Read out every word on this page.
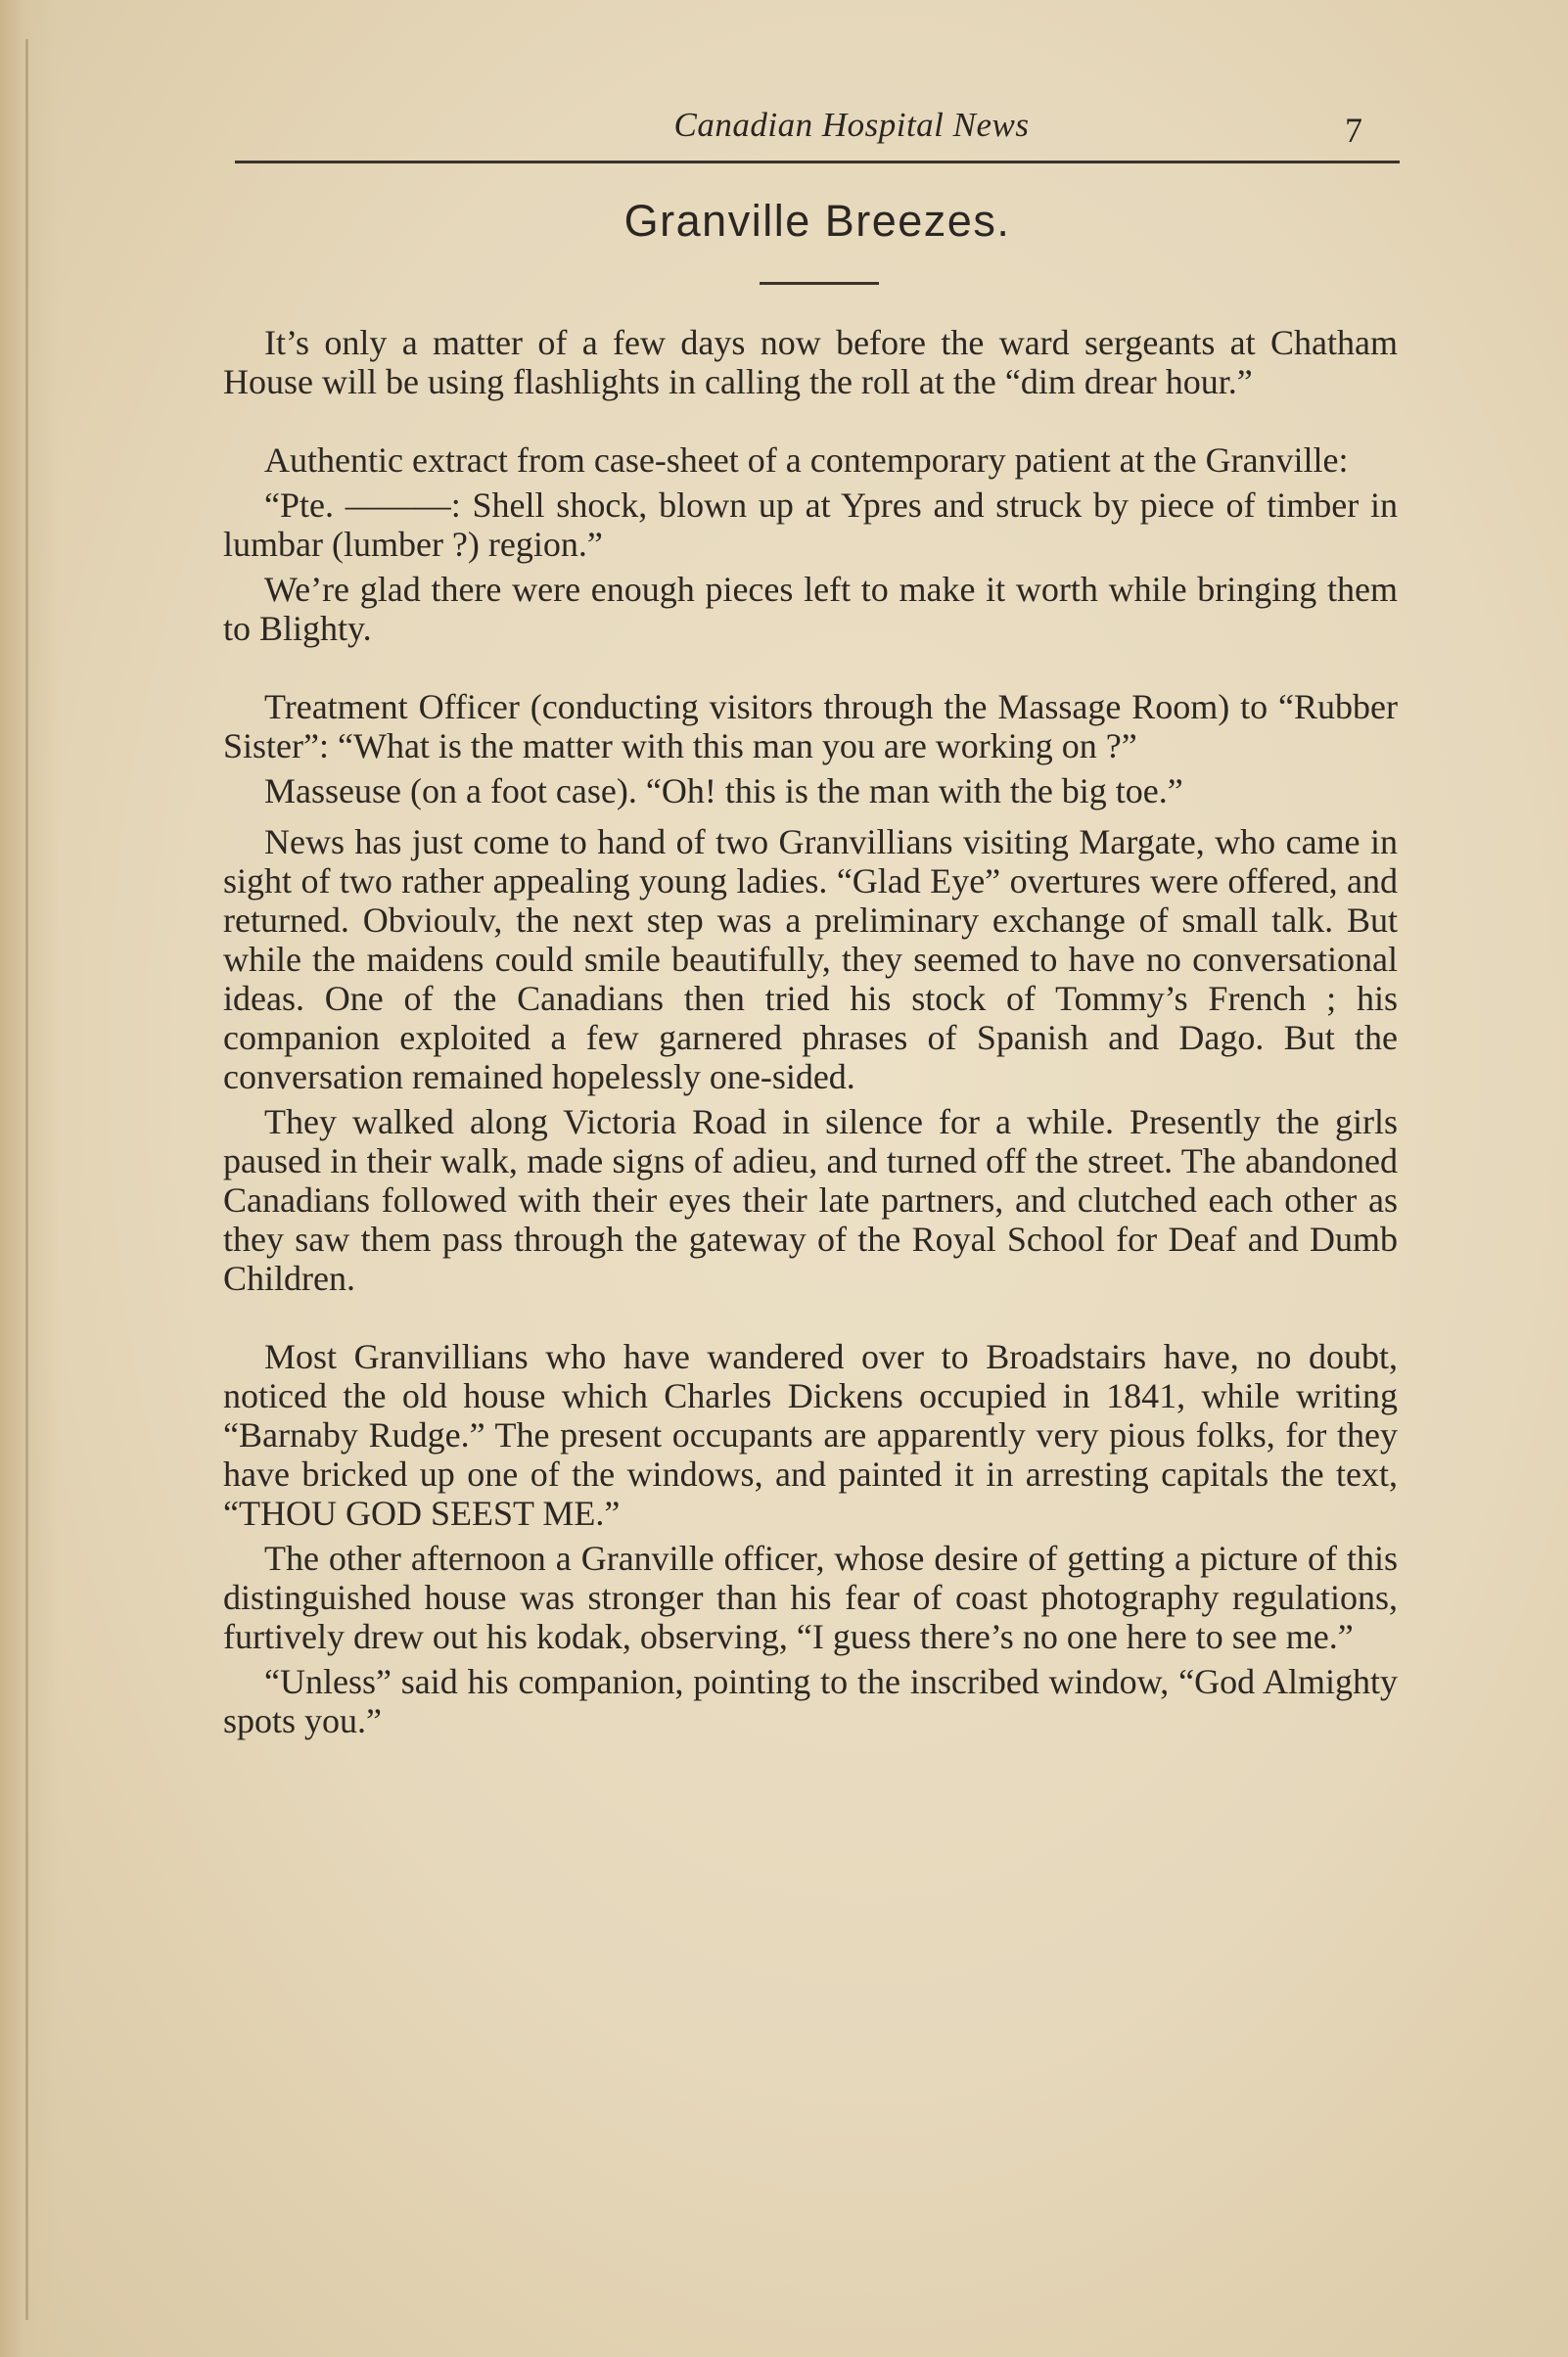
Canadian Hospital News	7
Granville Breezes.

It’s only a matter of a few days now before the ward sergeants at Chatham House will be using flashlights in calling the roll at the “dim drear hour.”

Authentic extract from case-sheet of a contemporary patient at the Granville:

“Pte. ———: Shell shock, blown up at Ypres and struck by piece of timber in lumbar (lumber ?) region.”

We’re glad there were enough pieces left to make it worth while bringing them to Blighty.

Treatment Officer (conducting visitors through the Massage Room) to “Rubber Sister”: “What is the matter with this man you are working on ?”

Masseuse (on a foot case). “Oh! this is the man with the big toe.”

News has just come to hand of two Granvillians visiting Margate, who came in sight of two rather appealing young ladies. “Glad Eye” overtures were offered, and returned. Obvioulv, the next step was a preliminary exchange of small talk. But while the maidens could smile beautifully, they seemed to have no conversational ideas. One of the Canadians then tried his stock of Tommy’s French ; his companion exploited a few garnered phrases of Spanish and Dago. But the conversation remained hopelessly one-sided.

They walked along Victoria Road in silence for a while. Presently the girls paused in their walk, made signs of adieu, and turned off the street. The abandoned Canadians followed with their eyes their late partners, and clutched each other as they saw them pass through the gateway of the Royal School for Deaf and Dumb Children.

Most Granvillians who have wandered over to Broadstairs have, no doubt, noticed the old house which Charles Dickens occupied in 1841, while writing “Barnaby Rudge.” The present occupants are apparently very pious folks, for they have bricked up one of the windows, and painted it in arresting capitals the text, “THOU GOD SEEST ME.”

The other afternoon a Granville officer, whose desire of getting a picture of this distinguished house was stronger than his fear of coast photography regulations, furtively drew out his kodak, observing, “I guess there’s no one here to see me.”

“Unless” said his companion, pointing to the inscribed window, “God Almighty spots you.”
